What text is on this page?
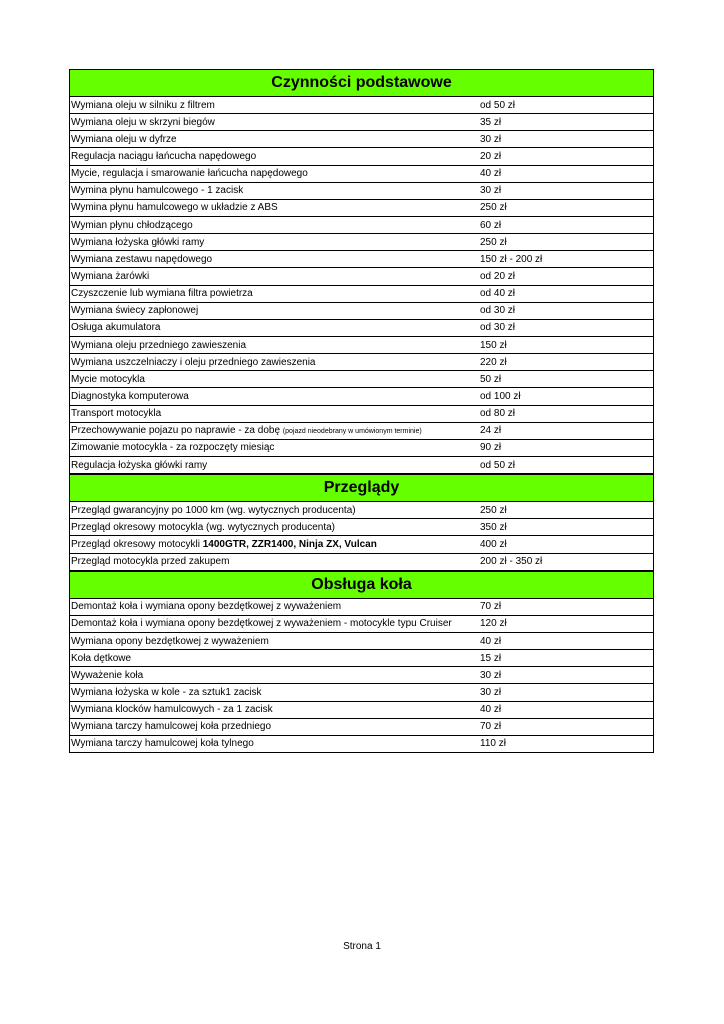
Czynności podstawowe
Wymiana oleju w silniku z filtrem	od 50 zł
Wymiana oleju w skrzyni biegów	35 zł
Wymiana oleju w dyfrze	30 zł
Regulacja naciągu łańcucha napędowego	20 zł
Mycie, regulacja i smarowanie łańcucha napędowego	40 zł
Wymina płynu hamulcowego - 1 zacisk	30 zł
Wymina płynu hamulcowego w układzie z ABS	250 zł
Wymian płynu chłodzącego	60 zł
Wymiana łożyska główki ramy	250 zł
Wymiana zestawu napędowego	150 zł - 200 zł
Wymiana żarówki	od 20 zł
Czyszczenie lub wymiana filtra powietrza	od 40 zł
Wymiana świecy zapłonowej	od 30 zł
Osługa akumulatora	od 30 zł
Wymiana oleju przedniego zawieszenia	150 zł
Wymiana uszczelniaczy i oleju przedniego zawieszenia	220 zł
Mycie motocykla	50 zł
Diagnostyka komputerowa	od 100 zł
Transport motocykla	od 80 zł
Przechowywanie pojazu po naprawie - za dobę (pojazd nieodebrany w umówionym terminie)	24 zł
Zimowanie motocykla - za rozpoczęty miesiąc	90 zł
Regulacja łożyska główki ramy	od 50 zł
Przeglądy
Przegląd gwarancyjny po 1000 km (wg. wytycznych producenta)	250 zł
Przegląd okresowy motocykla (wg. wytycznych producenta)	350 zł
Przegląd okresowy motocykli 1400GTR, ZZR1400, Ninja ZX, Vulcan	400 zł
Przegląd motocykla przed zakupem	200 zł - 350 zł
Obsługa koła
Demontaż koła i wymiana opony bezdętkowej z wyważeniem	70 zł
Demontaż koła i wymiana opony bezdętkowej z wyważeniem - motocykle typu Cruiser	120 zł
Wymiana opony bezdętkowej z wyważeniem	40 zł
Koła dętkowe	15 zł
Wyważenie koła	30 zł
Wymiana łożyska w kole - za sztuk1 zacisk	30 zł
Wymiana klocków hamulcowych - za 1 zacisk	40 zł
Wymiana tarczy hamulcowej koła przedniego	70 zł
Wymiana tarczy hamulcowej koła tylnego	110 zł
Strona 1
